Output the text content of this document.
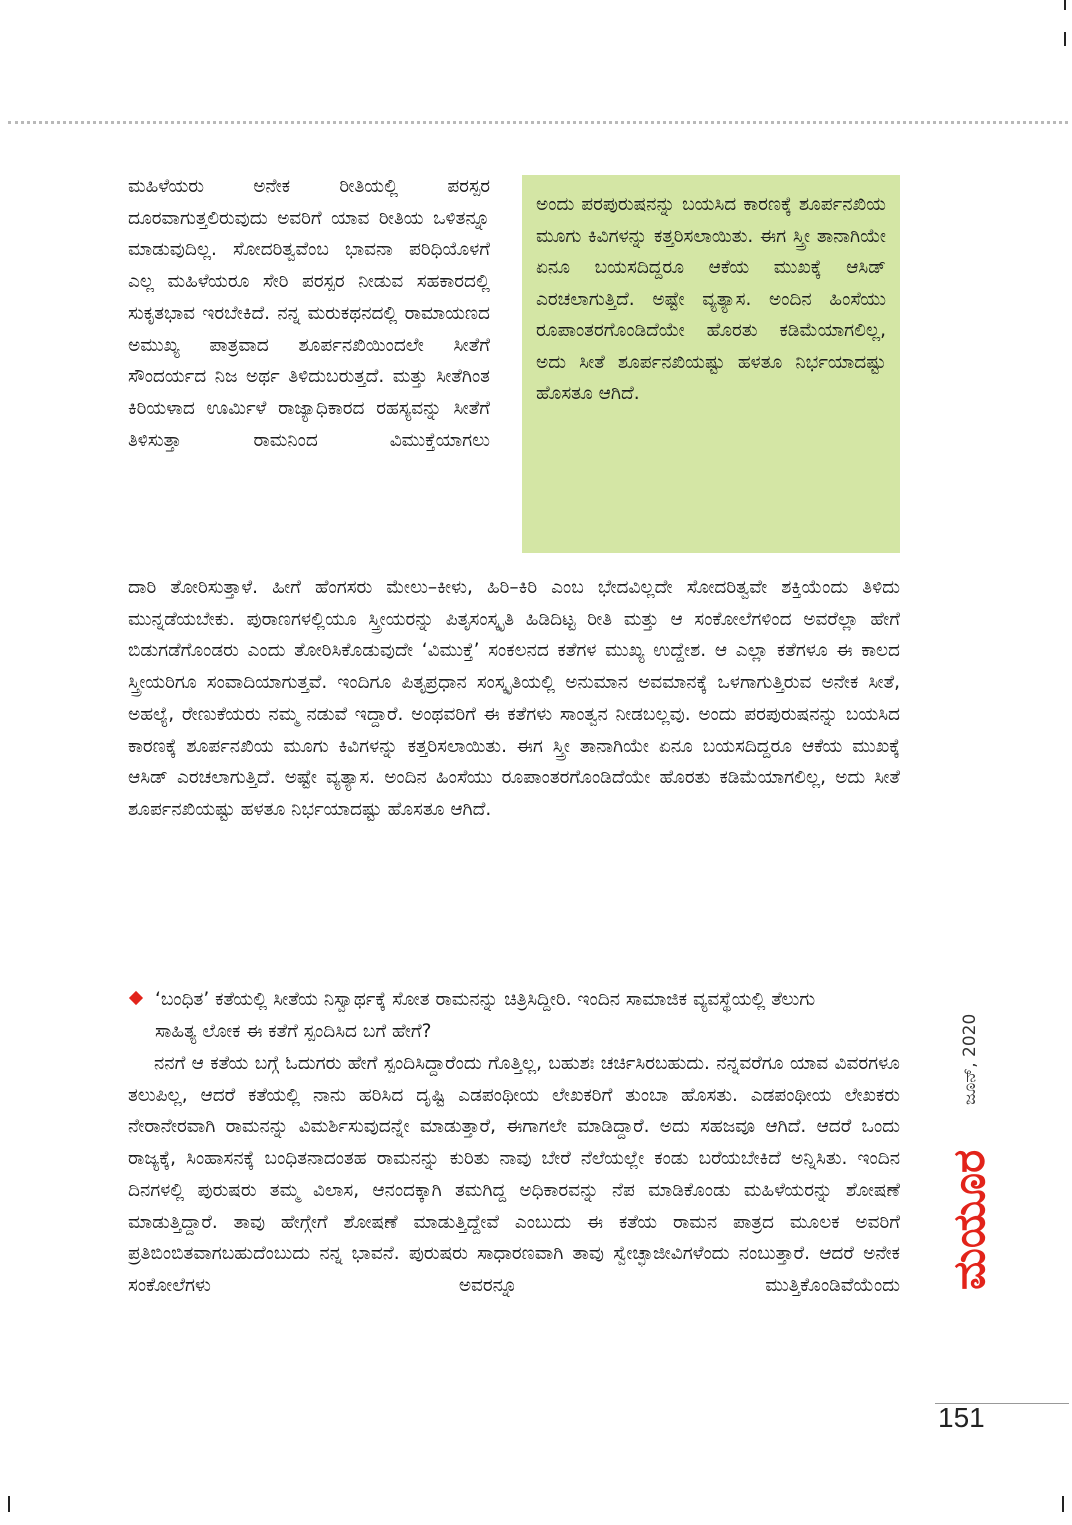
ಮಹಿಳೆಯರು ಅನೇಕ ರೀತಿಯಲ್ಲಿ ಪರಸ್ಪರ ದೂರವಾಗುತ್ತಲಿರುವುದು ಅವರಿಗೆ ಯಾವ ರೀತಿಯ ಒಳಿತನ್ನೂ ಮಾಡುವುದಿಲ್ಲ. ಸೋದರಿತ್ವವೆಂಬ ಭಾವನಾ ಪರಿಧಿಯೊಳಗೆ ಎಲ್ಲ ಮಹಿಳೆಯರೂ ಸೇರಿ ಪರಸ್ಪರ ನೀಡುವ ಸಹಕಾರದಲ್ಲಿ ಸುಕೃತಭಾವ ಇರಬೇಕಿದೆ. ನನ್ನ ಮರುಕಥನದಲ್ಲಿ ರಾಮಾಯಣದ ಅಮುಖ್ಯ ಪಾತ್ರವಾದ ಶೂರ್ಪನಖಿಯಿಂದಲೇ ಸೀತೆಗೆ ಸೌಂದರ್ಯದ ನಿಜ ಅರ್ಥ ತಿಳಿದುಬರುತ್ತದೆ. ಮತ್ತು ಸೀತೆಗಿಂತ ಕಿರಿಯಳಾದ ಊರ್ಮಿಳೆ ರಾಜ್ಯಾಧಿಕಾರದ ರಹಸ್ಯವನ್ನು ಸೀತೆಗೆ ತಿಳಿಸುತ್ತಾ ರಾಮನಿಂದ ವಿಮುಕ್ತೆಯಾಗಲು

ಅಂದು ಪರಪುರುಷನನ್ನು ಬಯಸಿದ ಕಾರಣಕ್ಕೆ ಶೂರ್ಪನಖಿಯ ಮೂಗು ಕಿವಿಗಳನ್ನು ಕತ್ತರಿಸಲಾಯಿತು. ಈಗ ಸ್ತ್ರೀ ತಾನಾಗಿಯೇ ಏನೂ ಬಯಸದಿದ್ದರೂ ಆಕೆಯ ಮುಖಕ್ಕೆ ಆಸಿಡ್ ಎರಚಲಾಗುತ್ತಿದೆ. ಅಷ್ಟೇ ವ್ಯತ್ಯಾಸ. ಅಂದಿನ ಹಿಂಸೆಯು ರೂಪಾಂತರಗೊಂಡಿದೆಯೇ ಹೊರತು ಕಡಿಮೆಯಾಗಲಿಲ್ಲ, ಅದು ಸೀತೆ ಶೂರ್ಪನಖಿಯಷ್ಟು ಹಳತೂ ನಿರ್ಭಯಾದಷ್ಟು ಹೊಸತೂ ಆಗಿದೆ.

ದಾರಿ ತೋರಿಸುತ್ತಾಳೆ. ಹೀಗೆ ಹೆಂಗಸರು ಮೇಲು–ಕೀಳು, ಹಿರಿ–ಕಿರಿ ಎಂಬ ಭೇದವಿಲ್ಲದೇ ಸೋದರಿತ್ವವೇ ಶಕ್ತಿಯೆಂದು ತಿಳಿದು ಮುನ್ನಡೆಯಬೇಕು. ಪುರಾಣಗಳಲ್ಲಿಯೂ ಸ್ತ್ರೀಯರನ್ನು ಪಿತೃಸಂಸ್ಕೃತಿ ಹಿಡಿದಿಟ್ಟ ರೀತಿ ಮತ್ತು ಆ ಸಂಕೋಲೆಗಳಿಂದ ಅವರೆಲ್ಲಾ ಹೇಗೆ ಬಿಡುಗಡೆಗೊಂಡರು ಎಂದು ತೋರಿಸಿಕೊಡುವುದೇ ‘ವಿಮುಕ್ತೆ’ ಸಂಕಲನದ ಕತೆಗಳ ಮುಖ್ಯ ಉದ್ದೇಶ. ಆ ಎಲ್ಲಾ ಕತೆಗಳೂ ಈ ಕಾಲದ ಸ್ತ್ರೀಯರಿಗೂ ಸಂವಾದಿಯಾಗುತ್ತವೆ. ಇಂದಿಗೂ ಪಿತೃಪ್ರಧಾನ ಸಂಸ್ಕೃತಿಯಲ್ಲಿ ಅನುಮಾನ ಅವಮಾನಕ್ಕೆ ಒಳಗಾಗುತ್ತಿರುವ ಅನೇಕ ಸೀತೆ, ಅಹಲ್ಯೆ, ರೇಣುಕೆಯರು ನಮ್ಮ ನಡುವೆ ಇದ್ದಾರೆ. ಅಂಥವರಿಗೆ ಈ ಕತೆಗಳು ಸಾಂತ್ವನ ನೀಡಬಲ್ಲವು. ಅಂದು ಪರಪುರುಷನನ್ನು ಬಯಸಿದ ಕಾರಣಕ್ಕೆ ಶೂರ್ಪನಖಿಯ ಮೂಗು ಕಿವಿಗಳನ್ನು ಕತ್ತರಿಸಲಾಯಿತು. ಈಗ ಸ್ತ್ರೀ ತಾನಾಗಿಯೇ ಏನೂ ಬಯಸದಿದ್ದರೂ ಆಕೆಯ ಮುಖಕ್ಕೆ ಆಸಿಡ್ ಎರಚಲಾಗುತ್ತಿದೆ. ಅಷ್ಟೇ ವ್ಯತ್ಯಾಸ. ಅಂದಿನ ಹಿಂಸೆಯು ರೂಪಾಂತರಗೊಂಡಿದೆಯೇ ಹೊರತು ಕಡಿಮೆಯಾಗಲಿಲ್ಲ, ಅದು ಸೀತೆ ಶೂರ್ಪನಖಿಯಷ್ಟು ಹಳತೂ ನಿರ್ಭಯಾದಷ್ಟು ಹೊಸತೂ ಆಗಿದೆ.

‘ಬಂಧಿತ’ ಕತೆಯಲ್ಲಿ ಸೀತೆಯ ನಿಸ್ವಾರ್ಥಕ್ಕೆ ಸೋತ ರಾಮನನ್ನು ಚಿತ್ರಿಸಿದ್ದೀರಿ. ಇಂದಿನ ಸಾಮಾಜಿಕ ವ್ಯವಸ್ಥೆಯಲ್ಲಿ ತೆಲುಗು ಸಾಹಿತ್ಯ ಲೋಕ ಈ ಕತೆಗೆ ಸ್ಪಂದಿಸಿದ ಬಗೆ ಹೇಗೆ?

ನನಗೆ ಆ ಕತೆಯ ಬಗ್ಗೆ ಓದುಗರು ಹೇಗೆ ಸ್ಪಂದಿಸಿದ್ದಾರೆಂದು ಗೊತ್ತಿಲ್ಲ, ಬಹುಶಃ ಚರ್ಚಿಸಿರಬಹುದು. ನನ್ನವರೆಗೂ ಯಾವ ವಿವರಗಳೂ ತಲುಪಿಲ್ಲ, ಆದರೆ ಕತೆಯಲ್ಲಿ ನಾನು ಹರಿಸಿದ ದೃಷ್ಟಿ ಎಡಪಂಥೀಯ ಲೇಖಕರಿಗೆ ತುಂಬಾ ಹೊಸತು. ಎಡಪಂಥೀಯ ಲೇಖಕರು ನೇರಾನೇರವಾಗಿ ರಾಮನನ್ನು ವಿಮರ್ಶಿಸುವುದನ್ನೇ ಮಾಡುತ್ತಾರೆ, ಈಗಾಗಲೇ ಮಾಡಿದ್ದಾರೆ. ಅದು ಸಹಜವೂ ಆಗಿದೆ. ಆದರೆ ಒಂದು ರಾಜ್ಯಕ್ಕೆ, ಸಿಂಹಾಸನಕ್ಕೆ ಬಂಧಿತನಾದಂತಹ ರಾಮನನ್ನು ಕುರಿತು ನಾವು ಬೇರೆ ನೆಲೆಯಲ್ಲೇ ಕಂಡು ಬರೆಯಬೇಕಿದೆ ಅನ್ನಿಸಿತು. ಇಂದಿನ ದಿನಗಳಲ್ಲಿ ಪುರುಷರು ತಮ್ಮ ವಿಲಾಸ, ಆನಂದಕ್ಕಾಗಿ ತಮಗಿದ್ದ ಅಧಿಕಾರವನ್ನು ನೆಪ ಮಾಡಿಕೊಂಡು ಮಹಿಳೆಯರನ್ನು ಶೋಷಣೆ ಮಾಡುತ್ತಿದ್ದಾರೆ. ತಾವು ಹೇಗ್ಗೇಗೆ ಶೋಷಣೆ ಮಾಡುತ್ತಿದ್ದೇವೆ ಎಂಬುದು ಈ ಕತೆಯ ರಾಮನ ಪಾತ್ರದ ಮೂಲಕ ಅವರಿಗೆ ಪ್ರತಿಬಿಂಬಿತವಾಗಬಹುದೆಂಬುದು ನನ್ನ ಭಾವನೆ. ಪುರುಷರು ಸಾಧಾರಣವಾಗಿ ತಾವು ಸ್ವೇಚ್ಛಾಜೀವಿಗಳೆಂದು ನಂಬುತ್ತಾರೆ. ಆದರೆ ಅನೇಕ ಸಂಕೋಲೆಗಳು ಅವರನ್ನೂ ಮುತ್ತಿಕೊಂಡಿವೆಯೆಂದು ಮಯೂರ
ಜೂನ್, 2020
151
